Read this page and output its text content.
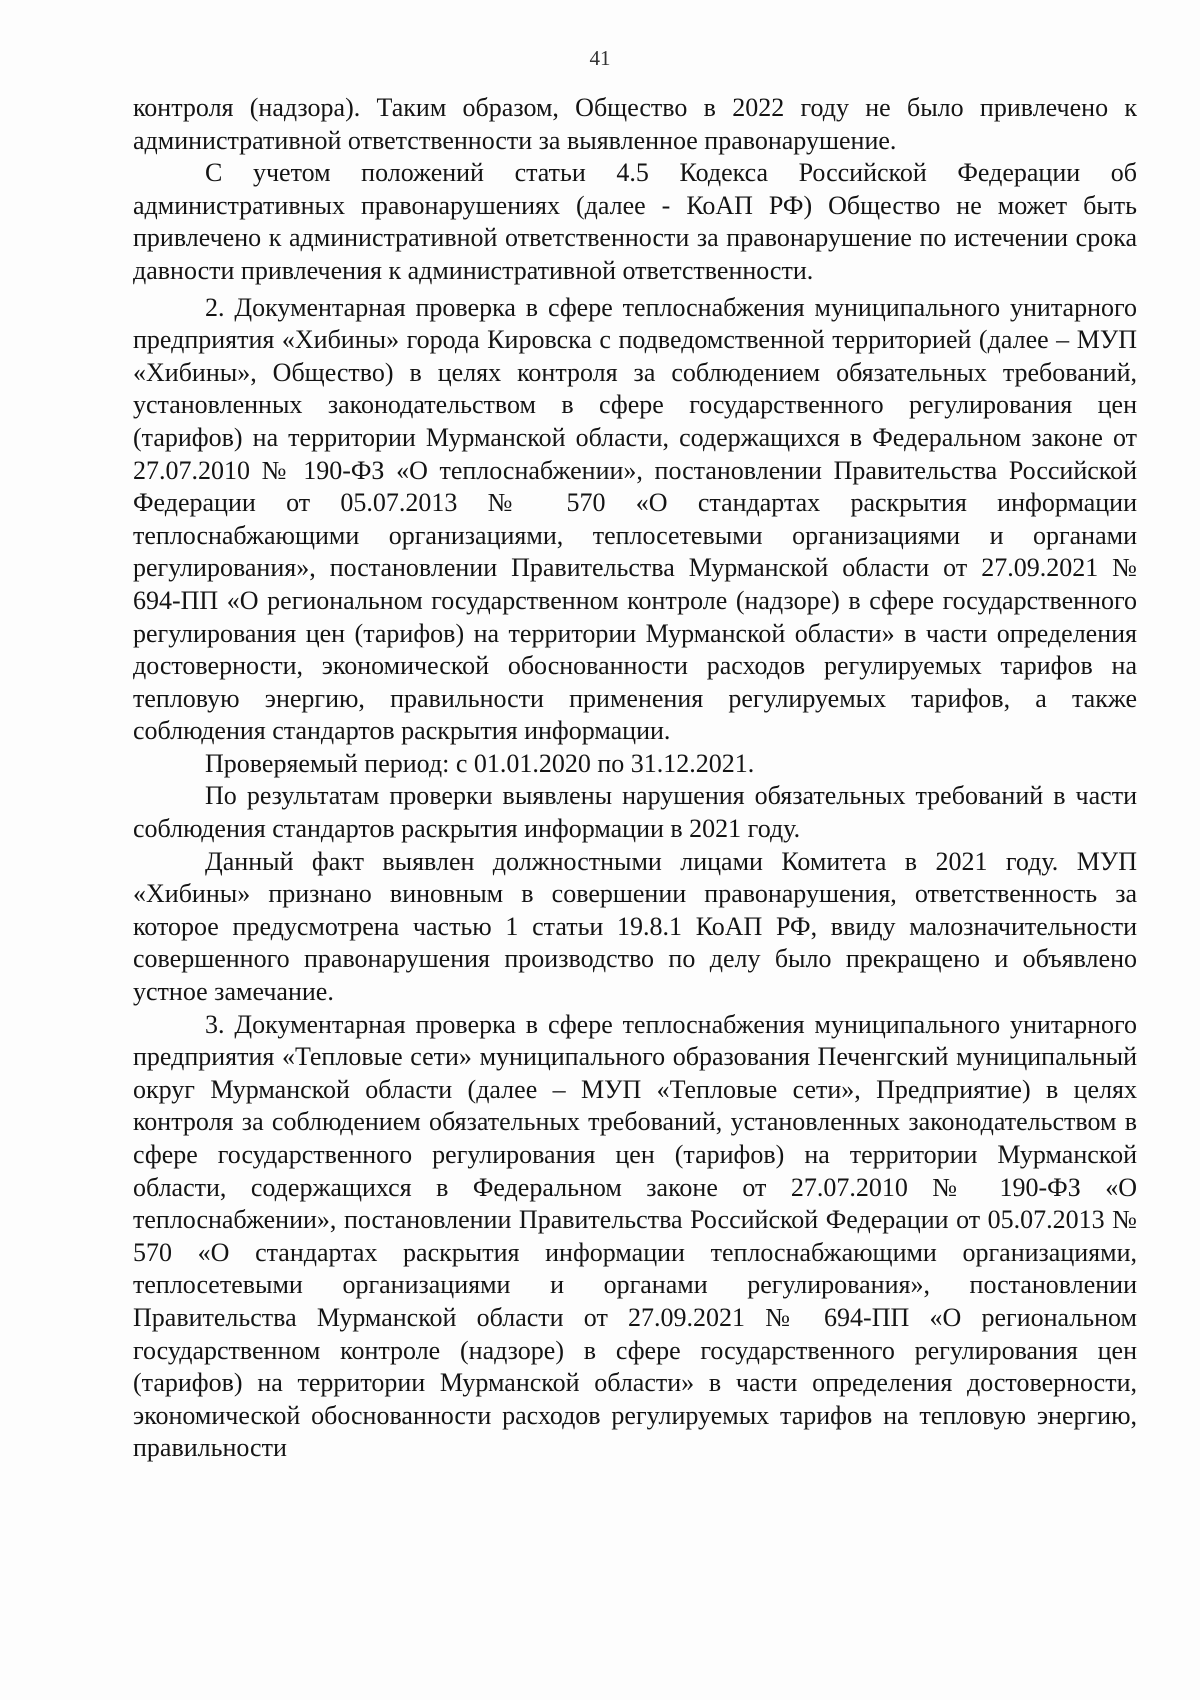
41

контроля (надзора). Таким образом, Общество в 2022 году не было привлечено к административной ответственности за выявленное правонарушение.

С учетом положений статьи 4.5 Кодекса Российской Федерации об административных правонарушениях (далее - КоАП РФ) Общество не может быть привлечено к административной ответственности за правонарушение по истечении срока давности привлечения к административной ответственности.

2. Документарная проверка в сфере теплоснабжения муниципального унитарного предприятия «Хибины» города Кировска с подведомственной территорией (далее – МУП «Хибины», Общество) в целях контроля за соблюдением обязательных требований, установленных законодательством в сфере государственного регулирования цен (тарифов) на территории Мурманской области, содержащихся в Федеральном законе от 27.07.2010 № 190-ФЗ «О теплоснабжении», постановлении Правительства Российской Федерации от 05.07.2013 № 570 «О стандартах раскрытия информации теплоснабжающими организациями, теплосетевыми организациями и органами регулирования», постановлении Правительства Мурманской области от 27.09.2021 № 694-ПП «О региональном государственном контроле (надзоре) в сфере государственного регулирования цен (тарифов) на территории Мурманской области» в части определения достоверности, экономической обоснованности расходов регулируемых тарифов на тепловую энергию, правильности применения регулируемых тарифов, а также соблюдения стандартов раскрытия информации.

Проверяемый период: с 01.01.2020 по 31.12.2021.

По результатам проверки выявлены нарушения обязательных требований в части соблюдения стандартов раскрытия информации в 2021 году.

Данный факт выявлен должностными лицами Комитета в 2021 году. МУП «Хибины» признано виновным в совершении правонарушения, ответственность за которое предусмотрена частью 1 статьи 19.8.1 КоАП РФ, ввиду малозначительности совершенного правонарушения производство по делу было прекращено и объявлено устное замечание.

3. Документарная проверка в сфере теплоснабжения муниципального унитарного предприятия «Тепловые сети» муниципального образования Печенгский муниципальный округ Мурманской области (далее – МУП «Тепловые сети», Предприятие) в целях контроля за соблюдением обязательных требований, установленных законодательством в сфере государственного регулирования цен (тарифов) на территории Мурманской области, содержащихся в Федеральном законе от 27.07.2010 № 190-ФЗ «О теплоснабжении», постановлении Правительства Российской Федерации от 05.07.2013 № 570 «О стандартах раскрытия информации теплоснабжающими организациями, теплосетевыми организациями и органами регулирования», постановлении Правительства Мурманской области от 27.09.2021 № 694-ПП «О региональном государственном контроле (надзоре) в сфере государственного регулирования цен (тарифов) на территории Мурманской области» в части определения достоверности, экономической обоснованности расходов регулируемых тарифов на тепловую энергию, правильности
